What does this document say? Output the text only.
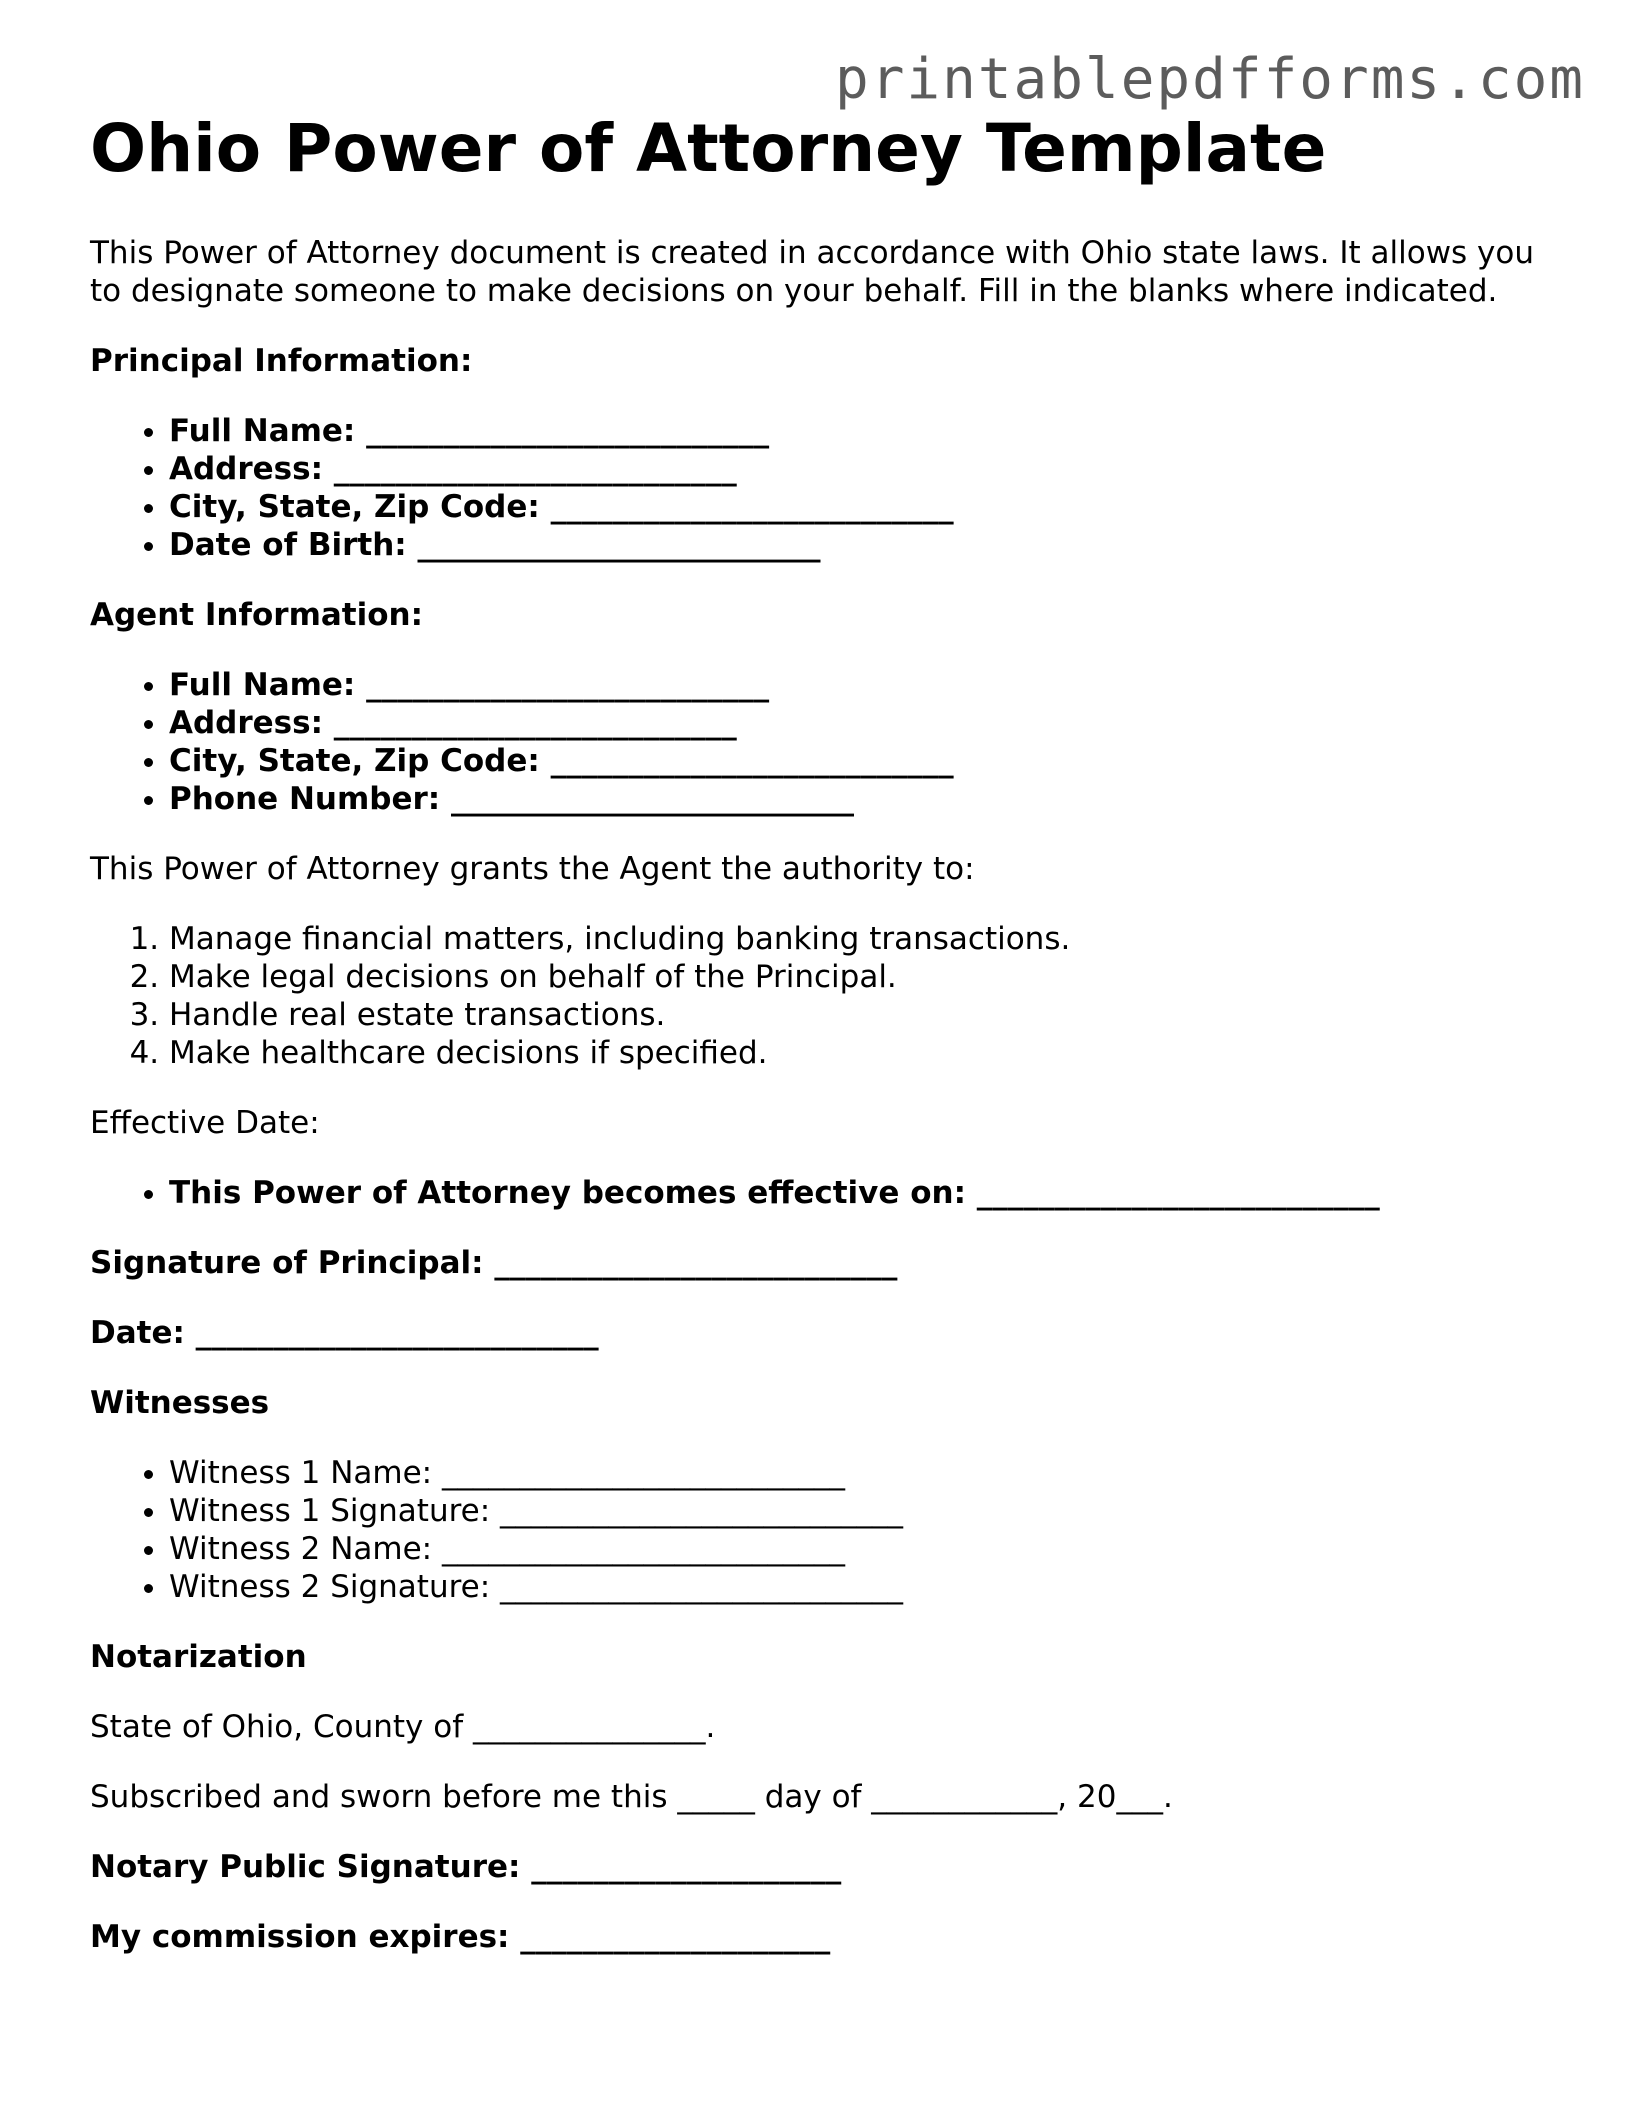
printablepdfforms.com
Ohio Power of Attorney Template

This Power of Attorney document is created in accordance with Ohio state laws. It allows you to designate someone to make decisions on your behalf. Fill in the blanks where indicated.

Principal Information:

• Full Name: __________________________
• Address: __________________________
• City, State, Zip Code: __________________________
• Date of Birth: __________________________

Agent Information:

• Full Name: __________________________
• Address: __________________________
• City, State, Zip Code: __________________________
• Phone Number: __________________________

This Power of Attorney grants the Agent the authority to:

1. Manage financial matters, including banking transactions.
2. Make legal decisions on behalf of the Principal.
3. Handle real estate transactions.
4. Make healthcare decisions if specified.

Effective Date:

• This Power of Attorney becomes effective on: __________________________

Signature of Principal: __________________________

Date: __________________________

Witnesses

• Witness 1 Name: __________________________
• Witness 1 Signature: __________________________
• Witness 2 Name: __________________________
• Witness 2 Signature: __________________________

Notarization

State of Ohio, County of _______________.

Subscribed and sworn before me this _____ day of ____________, 20___.

Notary Public Signature: ____________________

My commission expires: ____________________
